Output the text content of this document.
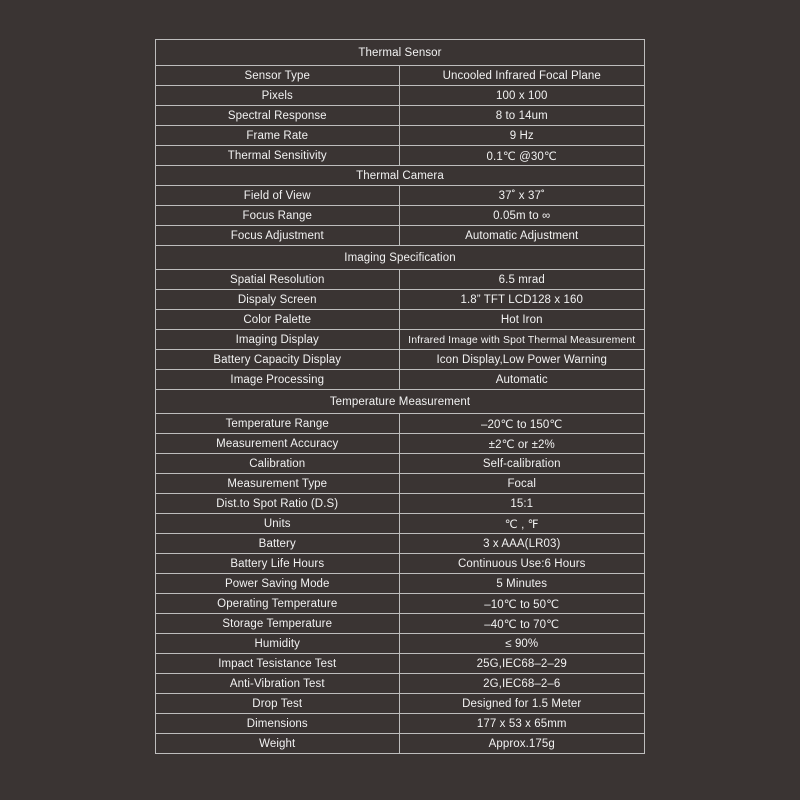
Thermal Sensor
Sensor Type	Uncooled Infrared Focal Plane
Pixels	100 x 100
Spectral Response	8 to 14um
Frame Rate	9 Hz
Thermal Sensitivity	0.1℃ @30℃
Thermal Camera
Field of View	37˚ x 37˚
Focus Range	0.05m to ∞
Focus Adjustment	Automatic Adjustment
Imaging Specification
Spatial Resolution	6.5 mrad
Dispaly Screen	1.8” TFT LCD128 x 160
Color Palette	Hot Iron
Imaging Display	Infrared Image with Spot Thermal Measurement
Battery Capacity Display	Icon Display,Low Power Warning
Image Processing	Automatic
Temperature Measurement
Temperature Range	–20℃ to 150℃
Measurement Accuracy	±2℃ or ±2%
Calibration	Self-calibration
Measurement Type	Focal
Dist.to Spot Ratio (D.S)	15:1
Units	℃ , ℉
Battery	3 x AAA(LR03)
Battery Life Hours	Continuous Use:6 Hours
Power Saving Mode	5 Minutes
Operating Temperature	–10℃ to 50℃
Storage Temperature	–40℃ to 70℃
Humidity	≤ 90%
Impact Tesistance Test	25G,IEC68–2–29
Anti-Vibration Test	2G,IEC68–2–6
Drop Test	Designed for 1.5 Meter
Dimensions	177 x 53 x 65mm
Weight	Approx.175g
